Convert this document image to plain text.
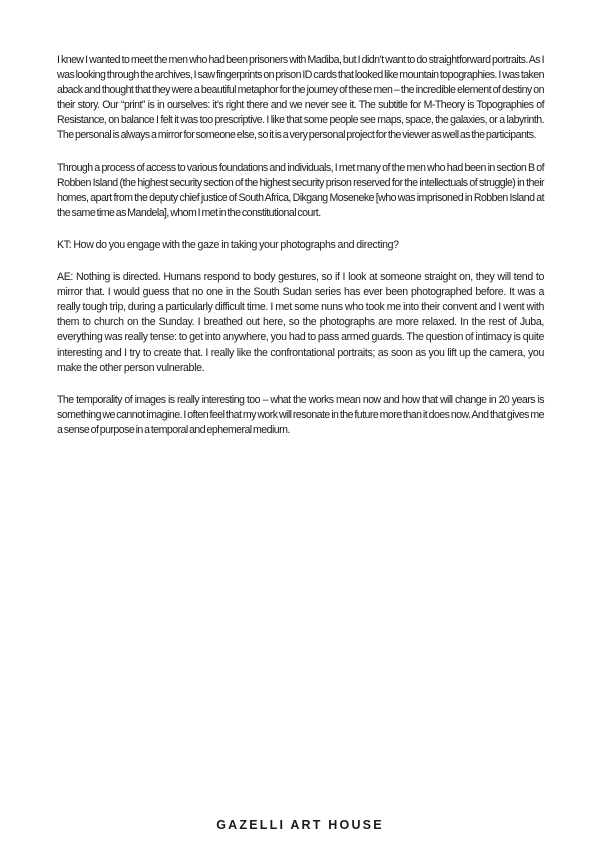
I knew I wanted to meet the men who had been prisoners with Madiba, but I didn’t want to do straightforward portraits. As I was looking through the archives, I saw fingerprints on prison ID cards that looked like mountain topographies. I was taken aback and thought that they were a beautiful metaphor for the journey of these men – the incredible element of destiny on their story. Our “print” is in ourselves: it’s right there and we never see it. The subtitle for M-Theory is Topographies of Resistance, on balance I felt it was too prescriptive. I like that some people see maps, space, the galaxies, or a labyrinth. The personal is always a mirror for someone else, so it is a very personal project for the viewer as well as the participants.

Through a process of access to various foundations and individuals, I met many of the men who had been in section B of Robben Island (the highest security section of the highest security prison reserved for the intellectuals of struggle) in their homes, apart from the deputy chief justice of South Africa, Dikgang Moseneke [who was imprisoned in Robben Island at the same time as Mandela], whom I met in the constitutional court.

KT: How do you engage with the gaze in taking your photographs and directing?

AE: Nothing is directed. Humans respond to body gestures, so if I look at someone straight on, they will tend to mirror that. I would guess that no one in the South Sudan series has ever been photographed before. It was a really tough trip, during a particularly difficult time. I met some nuns who took me into their convent and I went with them to church on the Sunday. I breathed out here, so the photographs are more relaxed. In the rest of Juba, everything was really tense: to get into anywhere, you had to pass armed guards. The question of intimacy is quite interesting and I try to create that. I really like the confrontational portraits; as soon as you lift up the camera, you make the other person vulnerable.

The temporality of images is really interesting too – what the works mean now and how that will change in 20 years is something we cannot imagine. I often feel that my work will resonate in the future more than it does now. And that gives me a sense of purpose in a temporal and ephemeral medium.

GAZELLI ART HOUSE
